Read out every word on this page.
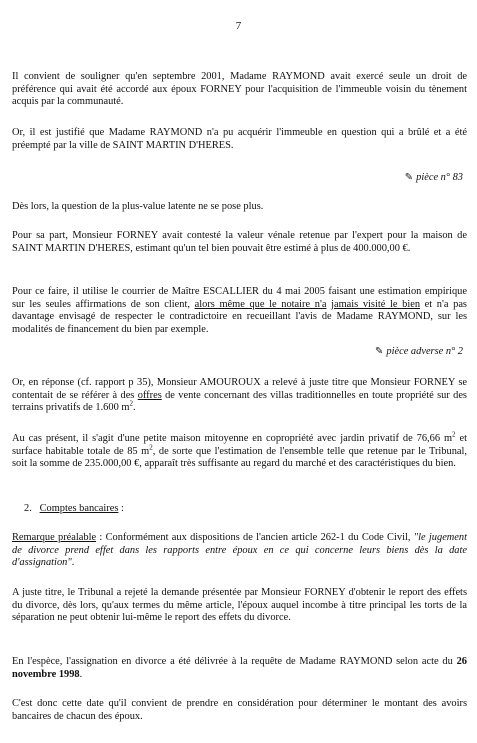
7

Il convient de souligner qu'en septembre 2001, Madame RAYMOND avait exercé seule un droit de préférence qui avait été accordé aux époux FORNEY pour l'acquisition de l'immeuble voisin du tènement acquis par la communauté.

Or, il est justifié que Madame RAYMOND n'a pu acquérir l'immeuble en question qui a brûlé et a été préempté par la ville de SAINT MARTIN D'HERES.

✎ pièce n° 83

Dès lors, la question de la plus-value latente ne se pose plus.

Pour sa part, Monsieur FORNEY avait contesté la valeur vénale retenue par l'expert pour la maison de SAINT MARTIN D'HERES, estimant qu'un tel bien pouvait être estimé à plus de 400.000,00 €.

Pour ce faire, il utilise le courrier de Maître ESCALLIER du 4 mai 2005 faisant une estimation empirique sur les seules affirmations de son client, alors même que le notaire n'a jamais visité le bien et n'a pas davantage envisagé de respecter le contradictoire en recueillant l'avis de Madame RAYMOND, sur les modalités de financement du bien par exemple.

✎ pièce adverse n° 2

Or, en réponse (cf. rapport p 35), Monsieur AMOUROUX a relevé à juste titre que Monsieur FORNEY se contentait de se référer à des offres de vente concernant des villas traditionnelles en toute propriété sur des terrains privatifs de 1.600 $m^2$.

Au cas présent, il s'agit d'une petite maison mitoyenne en copropriété avec jardin privatif de 76,66 $m^2$ et surface habitable totale de 85 $m^2$, de sorte que l'estimation de l'ensemble telle que retenue par le Tribunal, soit la somme de 235.000,00 €, apparaît très suffisante au regard du marché et des caractéristiques du bien.

2. Comptes bancaires :

Remarque préalable : Conformément aux dispositions de l'ancien article 262-1 du Code Civil, "le jugement de divorce prend effet dans les rapports entre époux en ce qui concerne leurs biens dès la date d'assignation".

A juste titre, le Tribunal a rejeté la demande présentée par Monsieur FORNEY d'obtenir le report des effets du divorce, dès lors, qu'aux termes du même article, l'époux auquel incombe à titre principal les torts de la séparation ne peut obtenir lui-même le report des effets du divorce.

En l'espèce, l'assignation en divorce a été délivrée à la requête de Madame RAYMOND selon acte du 26 novembre 1998.

C'est donc cette date qu'il convient de prendre en considération pour déterminer le montant des avoirs bancaires de chacun des époux.
